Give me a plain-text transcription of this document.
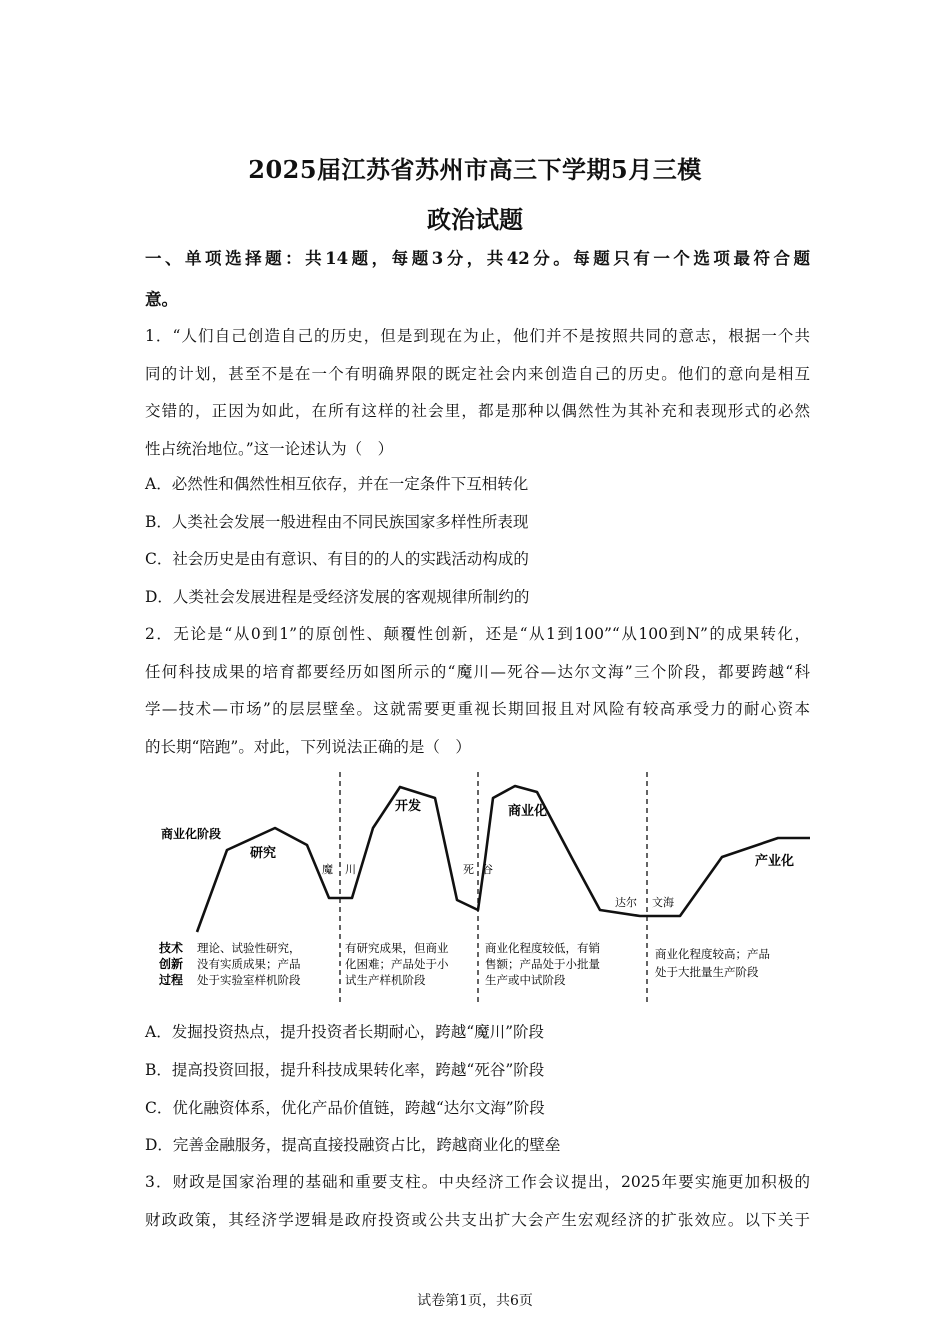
2025届江苏省苏州市高三下学期5月三模
政治试题
一、单项选择题：共14题，每题3分，共42分。每题只有一个选项最符合题
意。
1．“人们自己创造自己的历史，但是到现在为止，他们并不是按照共同的意志，根据一个共
同的计划，甚至不是在一个有明确界限的既定社会内来创造自己的历史。他们的意向是相互
交错的，正因为如此，在所有这样的社会里，都是那种以偶然性为其补充和表现形式的必然
性占统治地位。”这一论述认为（　）
A．必然性和偶然性相互依存，并在一定条件下互相转化
B．人类社会发展一般进程由不同民族国家多样性所表现
C．社会历史是由有意识、有目的的人的实践活动构成的
D．人类社会发展进程是受经济发展的客观规律所制约的
2．无论是“从0到1”的原创性、颠覆性创新，还是“从1到100”“从100到N”的成果转化，
任何科技成果的培育都要经历如图所示的“魔川—死谷—达尔文海”三个阶段，都要跨越“科
学—技术—市场”的层层壁垒。这就需要更重视长期回报且对风险有较高承受力的耐心资本
的长期“陪跑”。对此，下列说法正确的是（　）
商业化阶段
研究
开发	商业化
产业化
魔 川	死 谷
达尔 文海
技术
创新
过程
理论、试验性研究，
没有实质成果；产品
处于实验室样机阶段
有研究成果，但商业
化困难；产品处于小
试生产样机阶段
商业化程度较低，有销
售额；产品处于小批量
生产或中试阶段
商业化程度较高；产品
处于大批量生产阶段
A．发掘投资热点，提升投资者长期耐心，跨越“魔川”阶段
B．提高投资回报，提升科技成果转化率，跨越“死谷”阶段
C．优化融资体系，优化产品价值链，跨越“达尔文海”阶段
D．完善金融服务，提高直接投融资占比，跨越商业化的壁垒
3．财政是国家治理的基础和重要支柱。中央经济工作会议提出，2025年要实施更加积极的
财政政策，其经济学逻辑是政府投资或公共支出扩大会产生宏观经济的扩张效应。以下关于
试卷第1页，共6页
